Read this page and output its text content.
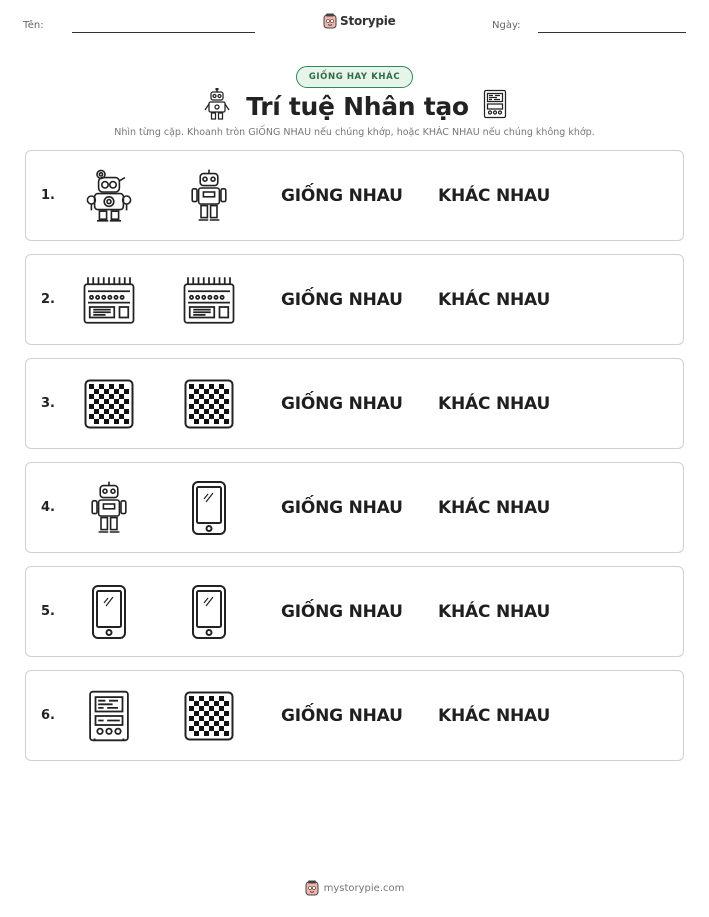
Tên:	Storypie	Ngày:
GIỐNG HAY KHÁC
Trí tuệ Nhân tạo
Nhìn từng cặp. Khoanh tròn GIỐNG NHAU nếu chúng khớp, hoặc KHÁC NHAU nếu chúng không khớp.
1.	GIỐNG NHAU KHÁC NHAU
2.	GIỐNG NHAU KHÁC NHAU
3.	GIỐNG NHAU KHÁC NHAU
4.	GIỐNG NHAU KHÁC NHAU
5.	GIỐNG NHAU KHÁC NHAU
6.	GIỐNG NHAU KHÁC NHAU
mystorypie.com
